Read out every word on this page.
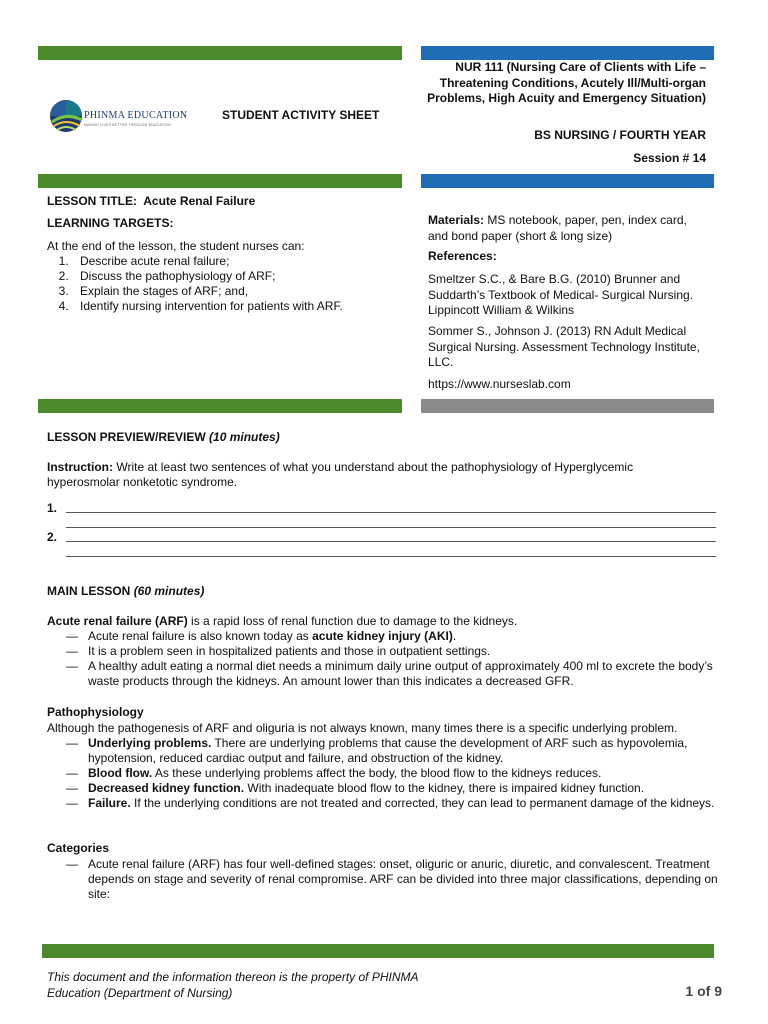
PHINMA EDUCATION
MAKING LIVES BETTER THROUGH EDUCATION
STUDENT ACTIVITY SHEET
NUR 111 (Nursing Care of Clients with Life – Threatening Conditions, Acutely Ill/Multi-organ Problems, High Acuity and Emergency Situation)
BS NURSING / FOURTH YEAR
Session # 14
LESSON TITLE: Acute Renal Failure
LEARNING TARGETS:
At the end of the lesson, the student nurses can:
1. Describe acute renal failure;
2. Discuss the pathophysiology of ARF;
3. Explain the stages of ARF; and,
4. Identify nursing intervention for patients with ARF.
Materials: MS notebook, paper, pen, index card, and bond paper (short & long size)
References:
Smeltzer S.C., & Bare B.G. (2010) Brunner and Suddarth’s Textbook of Medical- Surgical Nursing. Lippincott William & Wilkins
Sommer S., Johnson J. (2013) RN Adult Medical Surgical Nursing. Assessment Technology Institute, LLC.
https://www.nurseslab.com
LESSON PREVIEW/REVIEW (10 minutes)
Instruction: Write at least two sentences of what you understand about the pathophysiology of Hyperglycemic hyperosmolar nonketotic syndrome.
1.
2.
MAIN LESSON (60 minutes)
Acute renal failure (ARF) is a rapid loss of renal function due to damage to the kidneys.
— Acute renal failure is also known today as acute kidney injury (AKI).
— It is a problem seen in hospitalized patients and those in outpatient settings.
— A healthy adult eating a normal diet needs a minimum daily urine output of approximately 400 ml to excrete the body’s waste products through the kidneys. An amount lower than this indicates a decreased GFR.
Pathophysiology
Although the pathogenesis of ARF and oliguria is not always known, many times there is a specific underlying problem.
— Underlying problems. There are underlying problems that cause the development of ARF such as hypovolemia, hypotension, reduced cardiac output and failure, and obstruction of the kidney.
— Blood flow. As these underlying problems affect the body, the blood flow to the kidneys reduces.
— Decreased kidney function. With inadequate blood flow to the kidney, there is impaired kidney function.
— Failure. If the underlying conditions are not treated and corrected, they can lead to permanent damage of the kidneys.
Categories
— Acute renal failure (ARF) has four well-defined stages: onset, oliguric or anuric, diuretic, and convalescent. Treatment depends on stage and severity of renal compromise. ARF can be divided into three major classifications, depending on site:
This document and the information thereon is the property of PHINMA Education (Department of Nursing)	1 of 9
